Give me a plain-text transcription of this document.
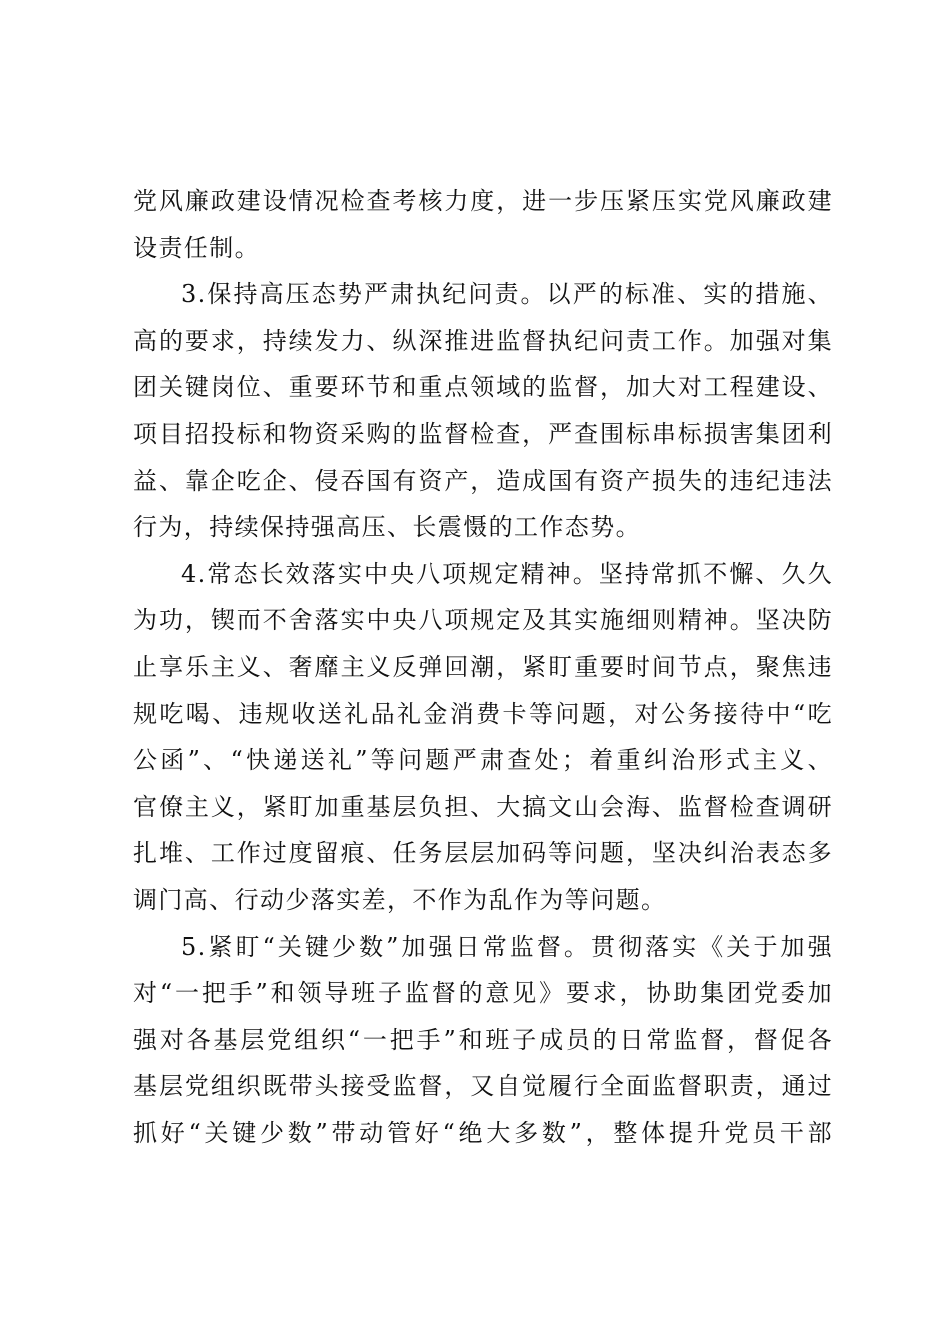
党风廉政建设情况检查考核力度，进一步压紧压实党风廉政建
设责任制。

3.保持高压态势严肃执纪问责。以严的标准、实的措施、
高的要求，持续发力、纵深推进监督执纪问责工作。加强对集
团关键岗位、重要环节和重点领域的监督，加大对工程建设、
项目招投标和物资采购的监督检查，严查围标串标损害集团利
益、靠企吃企、侵吞国有资产，造成国有资产损失的违纪违法
行为，持续保持强高压、长震慑的工作态势。

4.常态长效落实中央八项规定精神。坚持常抓不懈、久久
为功，锲而不舍落实中央八项规定及其实施细则精神。坚决防
止享乐主义、奢靡主义反弹回潮，紧盯重要时间节点，聚焦违
规吃喝、违规收送礼品礼金消费卡等问题，对公务接待中“吃
公函”、“快递送礼”等问题严肃查处；着重纠治形式主义、
官僚主义，紧盯加重基层负担、大搞文山会海、监督检查调研
扎堆、工作过度留痕、任务层层加码等问题，坚决纠治表态多
调门高、行动少落实差，不作为乱作为等问题。

5.紧盯“关键少数”加强日常监督。贯彻落实《关于加强
对“一把手”和领导班子监督的意见》要求，协助集团党委加
强对各基层党组织“一把手”和班子成员的日常监督，督促各
基层党组织既带头接受监督，又自觉履行全面监督职责，通过
抓好“关键少数”带动管好“绝大多数”，整体提升党员干部
